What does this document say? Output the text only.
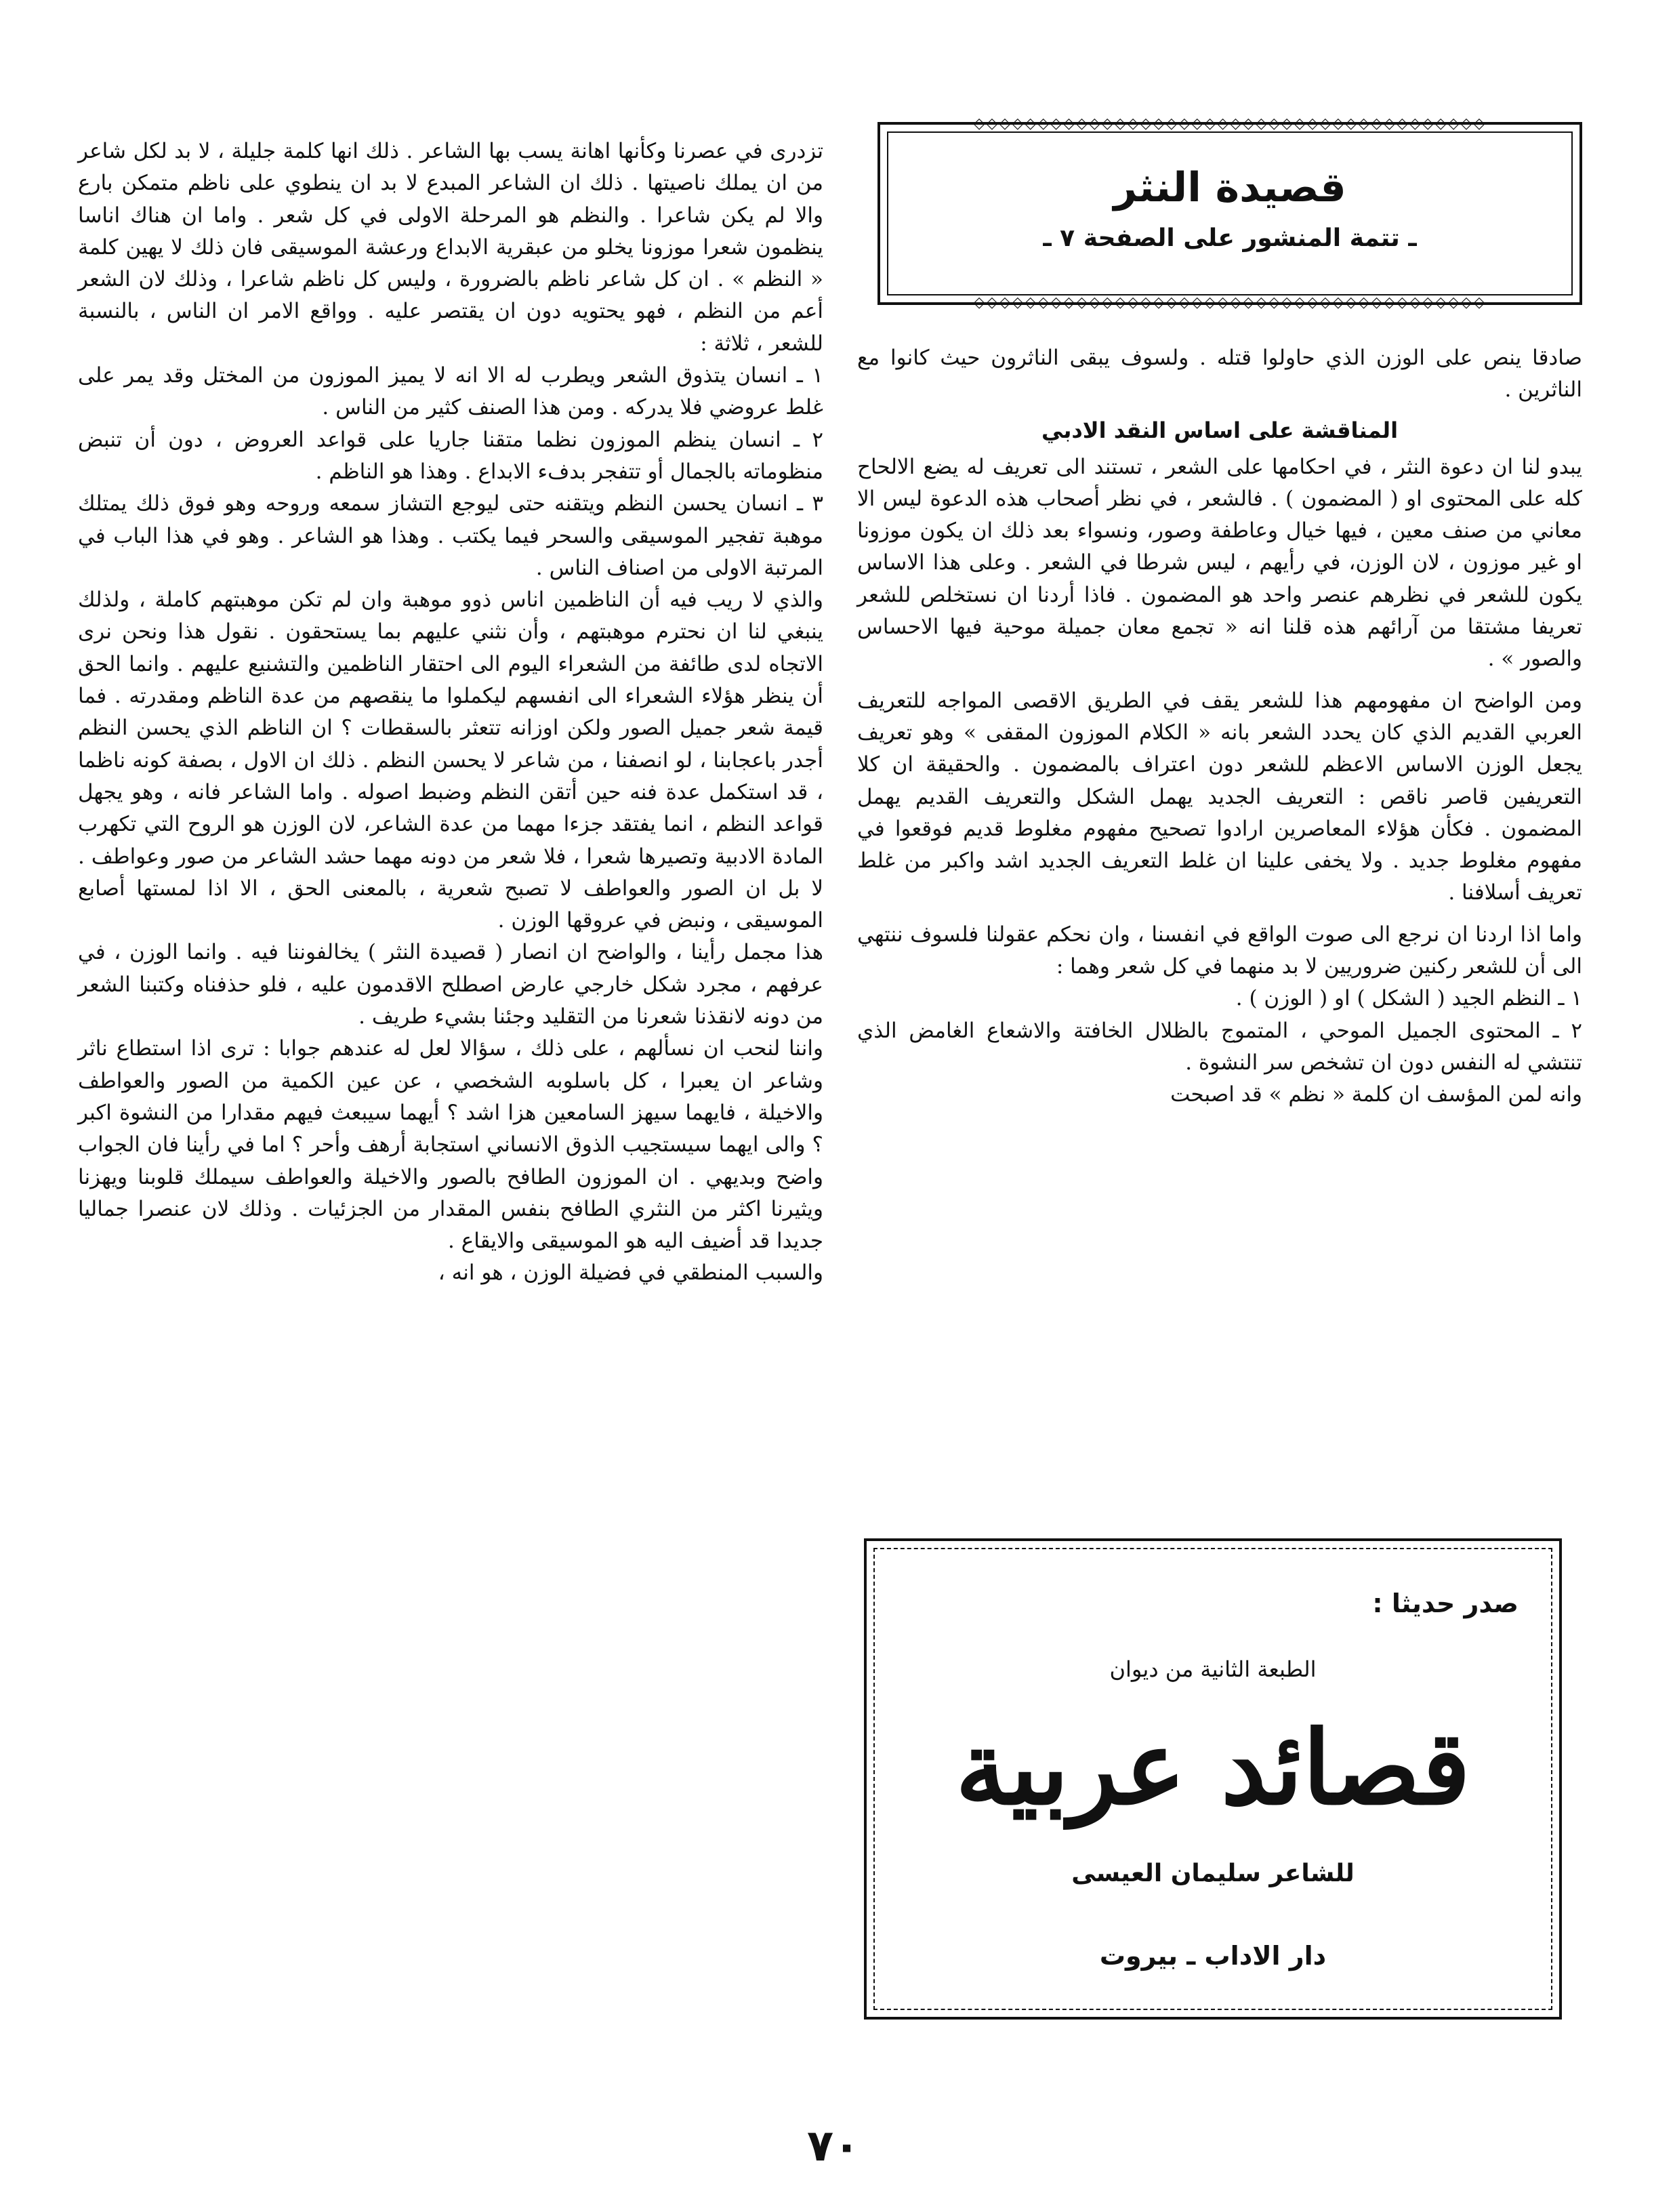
◇◇◇◇◇◇◇◇◇◇◇◇◇◇◇◇◇◇◇◇◇◇◇◇◇◇◇◇◇◇◇◇◇◇◇◇◇◇◇◇
قصيدة النثر
ـ تتمة المنشور على الصفحة ٧ ـ
◇◇◇◇◇◇◇◇◇◇◇◇◇◇◇◇◇◇◇◇◇◇◇◇◇◇◇◇◇◇◇◇◇◇◇◇◇◇◇◇

صادقا ينص على الوزن الذي حاولوا قتله . ولسوف يبقى الناثرون حيث كانوا مع الناثرين .

المناقشة على اساس النقد الادبي

يبدو لنا ان دعوة النثر ، في احكامها على الشعر ، تستند الى تعريف له يضع الالحاح كله على المحتوى او ( المضمون ) . فالشعر ، في نظر أصحاب هذه الدعوة ليس الا معاني من صنف معين ، فيها خيال وعاطفة وصور، ونسواء بعد ذلك ان يكون موزونا او غير موزون ، لان الوزن، في رأيهم ، ليس شرطا في الشعر . وعلى هذا الاساس يكون للشعر في نظرهم عنصر واحد هو المضمون . فاذا أردنا ان نستخلص للشعر تعريفا مشتقا من آرائهم هذه قلنا انه « تجمع معان جميلة موحية فيها الاحساس والصور » .

ومن الواضح ان مفهومهم هذا للشعر يقف في الطريق الاقصى المواجه للتعريف العربي القديم الذي كان يحدد الشعر بانه « الكلام الموزون المقفى » وهو تعريف يجعل الوزن الاساس الاعظم للشعر دون اعتراف بالمضمون . والحقيقة ان كلا التعريفين قاصر ناقص : التعريف الجديد يهمل الشكل والتعريف القديم يهمل المضمون . فكأن هؤلاء المعاصرين ارادوا تصحيح مفهوم مغلوط قديم فوقعوا في مفهوم مغلوط جديد . ولا يخفى علينا ان غلط التعريف الجديد اشد واكبر من غلط تعريف أسلافنا .

واما اذا اردنا ان نرجع الى صوت الواقع في انفسنا ، وان نحكم عقولنا فلسوف ننتهي الى أن للشعر ركنين ضروريين لا بد منهما في كل شعر وهما :

١ ـ النظم الجيد ( الشكل ) او ( الوزن ) .

٢ ـ المحتوى الجميل الموحي ، المتموج بالظلال الخافتة والاشعاع الغامض الذي تنتشي له النفس دون ان تشخص سر النشوة .

وانه لمن المؤسف ان كلمة « نظم » قد اصبحت

صدر حديثا :
الطبعة الثانية من ديوان
قصائد عربية
للشاعر سليمان العيسى
دار الاداب ـ بيروت

تزدرى في عصرنا وكأنها اهانة يسب بها الشاعر . ذلك انها كلمة جليلة ، لا بد لكل شاعر من ان يملك ناصيتها . ذلك ان الشاعر المبدع لا بد ان ينطوي على ناظم متمكن بارع والا لم يكن شاعرا . والنظم هو المرحلة الاولى في كل شعر . واما ان هناك اناسا ينظمون شعرا موزونا يخلو من عبقرية الابداع ورعشة الموسيقى فان ذلك لا يهين كلمة « النظم » . ان كل شاعر ناظم بالضرورة ، وليس كل ناظم شاعرا ، وذلك لان الشعر أعم من النظم ، فهو يحتويه دون ان يقتصر عليه . وواقع الامر ان الناس ، بالنسبة للشعر ، ثلاثة :

١ ـ انسان يتذوق الشعر ويطرب له الا انه لا يميز الموزون من المختل وقد يمر على غلط عروضي فلا يدركه . ومن هذا الصنف كثير من الناس .

٢ ـ انسان ينظم الموزون نظما متقنا جاريا على قواعد العروض ، دون أن تنبض منظوماته بالجمال أو تتفجر بدفء الابداع . وهذا هو الناظم .

٣ ـ انسان يحسن النظم ويتقنه حتى ليوجع التشاز سمعه وروحه وهو فوق ذلك يمتلك موهبة تفجير الموسيقى والسحر فيما يكتب . وهذا هو الشاعر . وهو في هذا الباب في المرتبة الاولى من اصناف الناس .

والذي لا ريب فيه أن الناظمين اناس ذوو موهبة وان لم تكن موهبتهم كاملة ، ولذلك ينبغي لنا ان نحترم موهبتهم ، وأن نثني عليهم بما يستحقون . نقول هذا ونحن نرى الاتجاه لدى طائفة من الشعراء اليوم الى احتقار الناظمين والتشنيع عليهم . وانما الحق أن ينظر هؤلاء الشعراء الى انفسهم ليكملوا ما ينقصهم من عدة الناظم ومقدرته . فما قيمة شعر جميل الصور ولكن اوزانه تتعثر بالسقطات ؟ ان الناظم الذي يحسن النظم أجدر باعجابنا ، لو انصفنا ، من شاعر لا يحسن النظم . ذلك ان الاول ، بصفة كونه ناظما ، قد استكمل عدة فنه حين أتقن النظم وضبط اصوله . واما الشاعر فانه ، وهو يجهل قواعد النظم ، انما يفتقد جزءا مهما من عدة الشاعر، لان الوزن هو الروح التي تكهرب المادة الادبية وتصيرها شعرا ، فلا شعر من دونه مهما حشد الشاعر من صور وعواطف . لا بل ان الصور والعواطف لا تصبح شعرية ، بالمعنى الحق ، الا اذا لمستها أصابع الموسيقى ، ونبض في عروقها الوزن .

هذا مجمل رأينا ، والواضح ان انصار ( قصيدة النثر ) يخالفوننا فيه . وانما الوزن ، في عرفهم ، مجرد شكل خارجي عارض اصطلح الاقدمون عليه ، فلو حذفناه وكتبنا الشعر من دونه لانقذنا شعرنا من التقليد وجئنا بشيء طريف .

واننا لنحب ان نسألهم ، على ذلك ، سؤالا لعل له عندهم جوابا : ترى اذا استطاع ناثر وشاعر ان يعبرا ، كل باسلوبه الشخصي ، عن عين الكمية من الصور والعواطف والاخيلة ، فايهما سيهز السامعين هزا اشد ؟ أيهما سيبعث فيهم مقدارا من النشوة اكبر ؟ والى ايهما سيستجيب الذوق الانساني استجابة أرهف وأحر ؟ اما في رأينا فان الجواب واضح وبديهي . ان الموزون الطافح بالصور والاخيلة والعواطف سيملك قلوبنا ويهزنا ويثيرنا اكثر من النثري الطافح بنفس المقدار من الجزئيات . وذلك لان عنصرا جماليا جديدا قد أضيف اليه هو الموسيقى والايقاع .

والسبب المنطقي في فضيلة الوزن ، هو انه ،

٧٠
